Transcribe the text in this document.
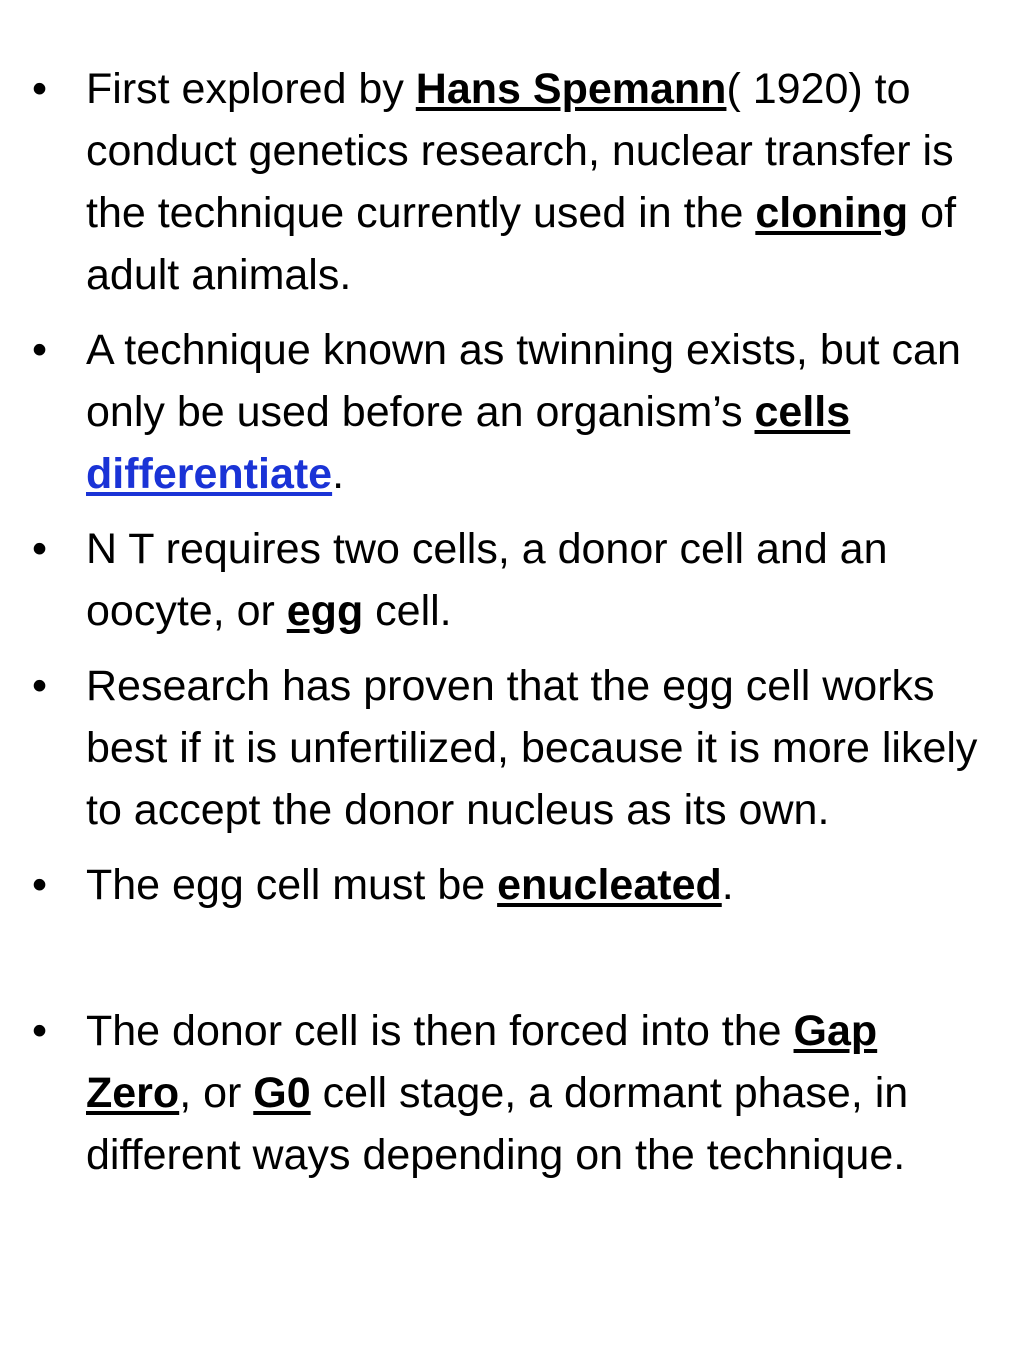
• First explored by Hans Spemann( 1920) to conduct genetics research, nuclear transfer is the technique currently used in the cloning of adult animals.
• A technique known as twinning exists, but can only be used before an organism’s cells differentiate.
• N T requires two cells, a donor cell and an oocyte, or egg cell.
• Research has proven that the egg cell works best if it is unfertilized, because it is more likely to accept the donor nucleus as its own.
• The egg cell must be enucleated.
• The donor cell is then forced into the Gap Zero, or G0 cell stage, a dormant phase, in different ways depending on the technique.
